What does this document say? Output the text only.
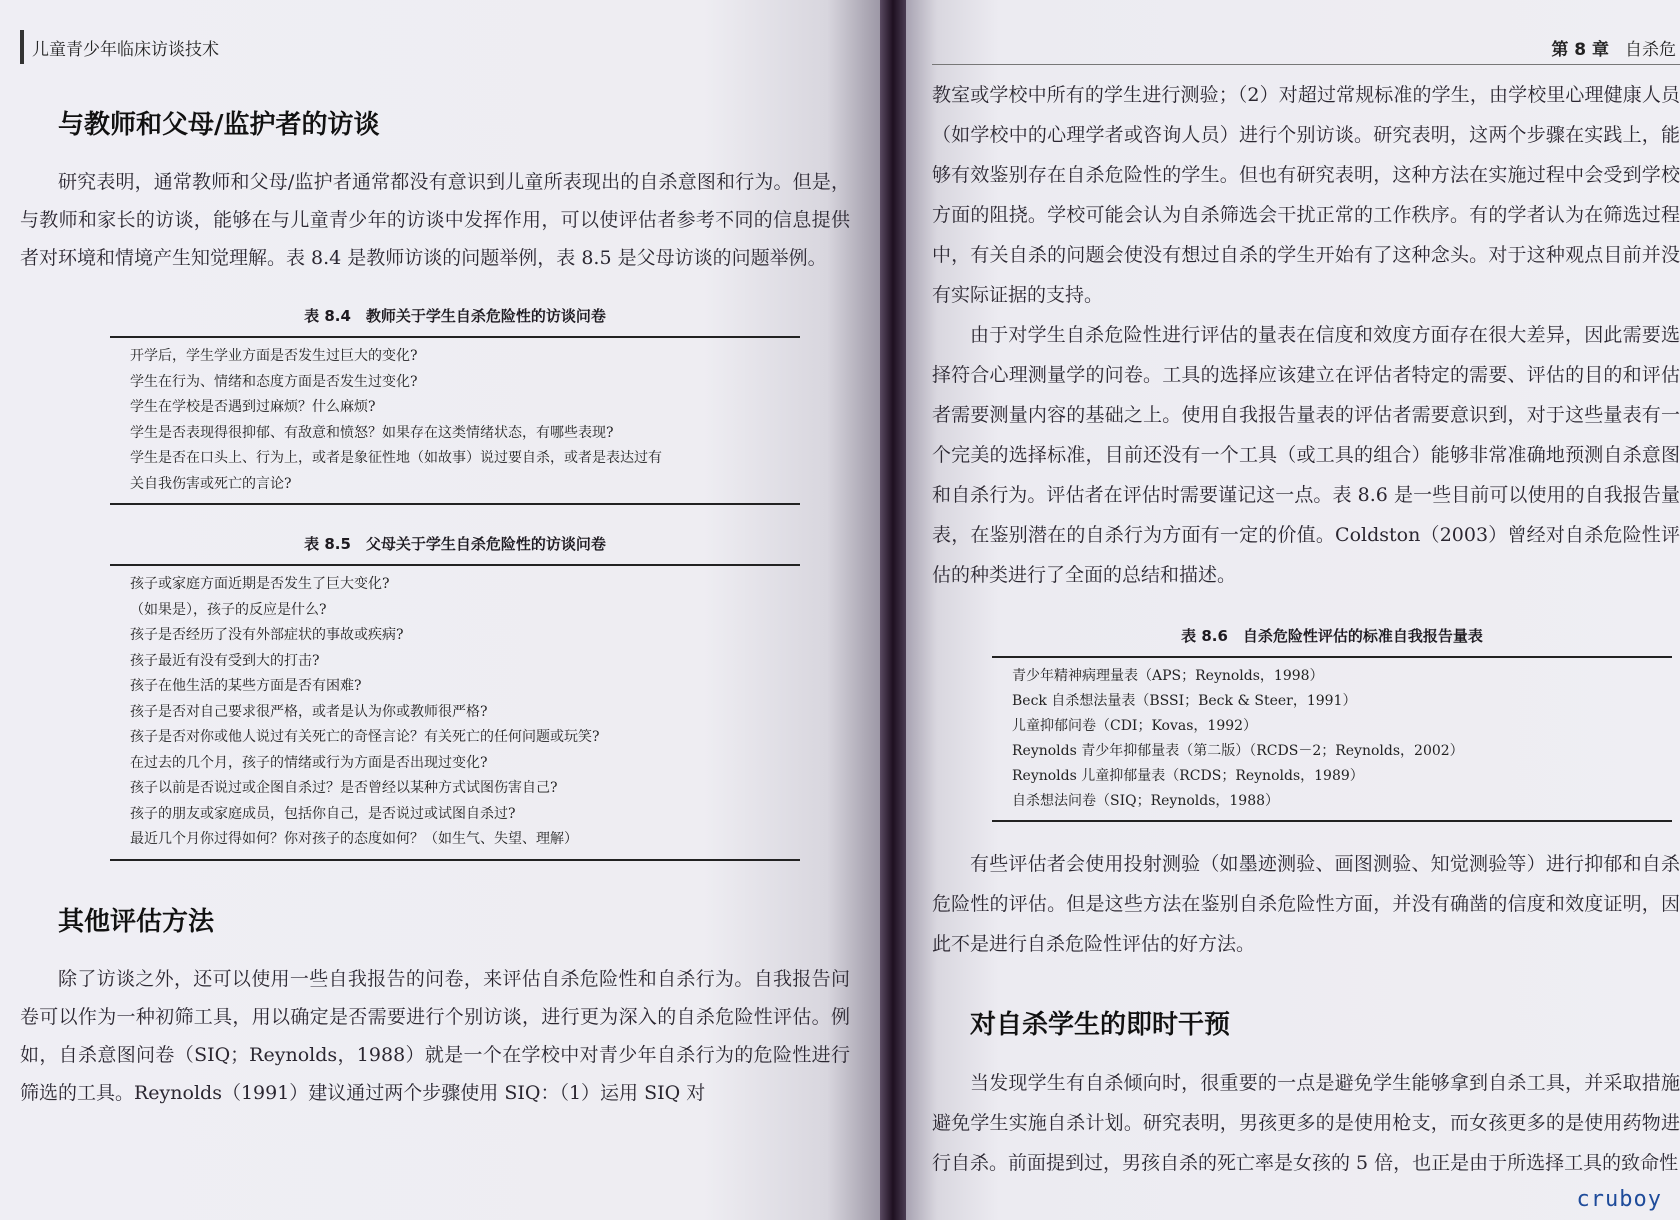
儿童青少年临床访谈技术
与教师和父母/监护者的访谈

研究表明，通常教师和父母/监护者通常都没有意识到儿童所表现出的自杀意图和行为。但是，与教师和家长的访谈，能够在与儿童青少年的访谈中发挥作用，可以使评估者参考不同的信息提供者对环境和情境产生知觉理解。表 8.4 是教师访谈的问题举例，表 8.5 是父母访谈的问题举例。

表 8.4　教师关于学生自杀危险性的访谈问卷
开学后，学生学业方面是否发生过巨大的变化?
学生在行为、情绪和态度方面是否发生过变化?
学生在学校是否遇到过麻烦？什么麻烦?
学生是否表现得很抑郁、有敌意和愤怒？如果存在这类情绪状态，有哪些表现?
学生是否在口头上、行为上，或者是象征性地（如故事）说过要自杀，或者是表达过有
关自我伤害或死亡的言论?
表 8.5　父母关于学生自杀危险性的访谈问卷
孩子或家庭方面近期是否发生了巨大变化?
（如果是），孩子的反应是什么?
孩子是否经历了没有外部症状的事故或疾病?
孩子最近有没有受到大的打击?
孩子在他生活的某些方面是否有困难?
孩子是否对自己要求很严格，或者是认为你或教师很严格?
孩子是否对你或他人说过有关死亡的奇怪言论？有关死亡的任何问题或玩笑?
在过去的几个月，孩子的情绪或行为方面是否出现过变化?
孩子以前是否说过或企图自杀过？是否曾经以某种方式试图伤害自己?
孩子的朋友或家庭成员，包括你自己，是否说过或试图自杀过?
最近几个月你过得如何？你对孩子的态度如何？（如生气、失望、理解）
其他评估方法

除了访谈之外，还可以使用一些自我报告的问卷，来评估自杀危险性和自杀行为。自我报告问卷可以作为一种初筛工具，用以确定是否需要进行个别访谈，进行更为深入的自杀危险性评估。例如，自杀意图问卷（SIQ；Reynolds，1988）就是一个在学校中对青少年自杀行为的危险性进行筛选的工具。Reynolds（1991）建议通过两个步骤使用 SIQ：（1）运用 SIQ 对

第 8 章 自杀危

教室或学校中所有的学生进行测验；（2）对超过常规标准的学生，由学校里心理健康人员（如学校中的心理学者或咨询人员）进行个别访谈。研究表明，这两个步骤在实践上，能够有效鉴别存在自杀危险性的学生。但也有研究表明，这种方法在实施过程中会受到学校方面的阻挠。学校可能会认为自杀筛选会干扰正常的工作秩序。有的学者认为在筛选过程中，有关自杀的问题会使没有想过自杀的学生开始有了这种念头。对于这种观点目前并没有实际证据的支持。

由于对学生自杀危险性进行评估的量表在信度和效度方面存在很大差异，因此需要选择符合心理测量学的问卷。工具的选择应该建立在评估者特定的需要、评估的目的和评估者需要测量内容的基础之上。使用自我报告量表的评估者需要意识到，对于这些量表有一个完美的选择标准，目前还没有一个工具（或工具的组合）能够非常准确地预测自杀意图和自杀行为。评估者在评估时需要谨记这一点。表 8.6 是一些目前可以使用的自我报告量表，在鉴别潜在的自杀行为方面有一定的价值。Coldston（2003）曾经对自杀危险性评估的种类进行了全面的总结和描述。

表 8.6　自杀危险性评估的标准自我报告量表
青少年精神病理量表（APS；Reynolds，1998）
Beck 自杀想法量表（BSSI；Beck & Steer，1991）
儿童抑郁问卷（CDI；Kovas，1992）
Reynolds 青少年抑郁量表（第二版）（RCDS－2；Reynolds，2002）
Reynolds 儿童抑郁量表（RCDS；Reynolds，1989）
自杀想法问卷（SIQ；Reynolds，1988）

有些评估者会使用投射测验（如墨迹测验、画图测验、知觉测验等）进行抑郁和自杀危险性的评估。但是这些方法在鉴别自杀危险性方面，并没有确凿的信度和效度证明，因此不是进行自杀危险性评估的好方法。

对自杀学生的即时干预

当发现学生有自杀倾向时，很重要的一点是避免学生能够拿到自杀工具，并采取措施避免学生实施自杀计划。研究表明，男孩更多的是使用枪支，而女孩更多的是使用药物进行自杀。前面提到过，男孩自杀的死亡率是女孩的 5 倍，也正是由于所选择工具的致命性

cruboy
